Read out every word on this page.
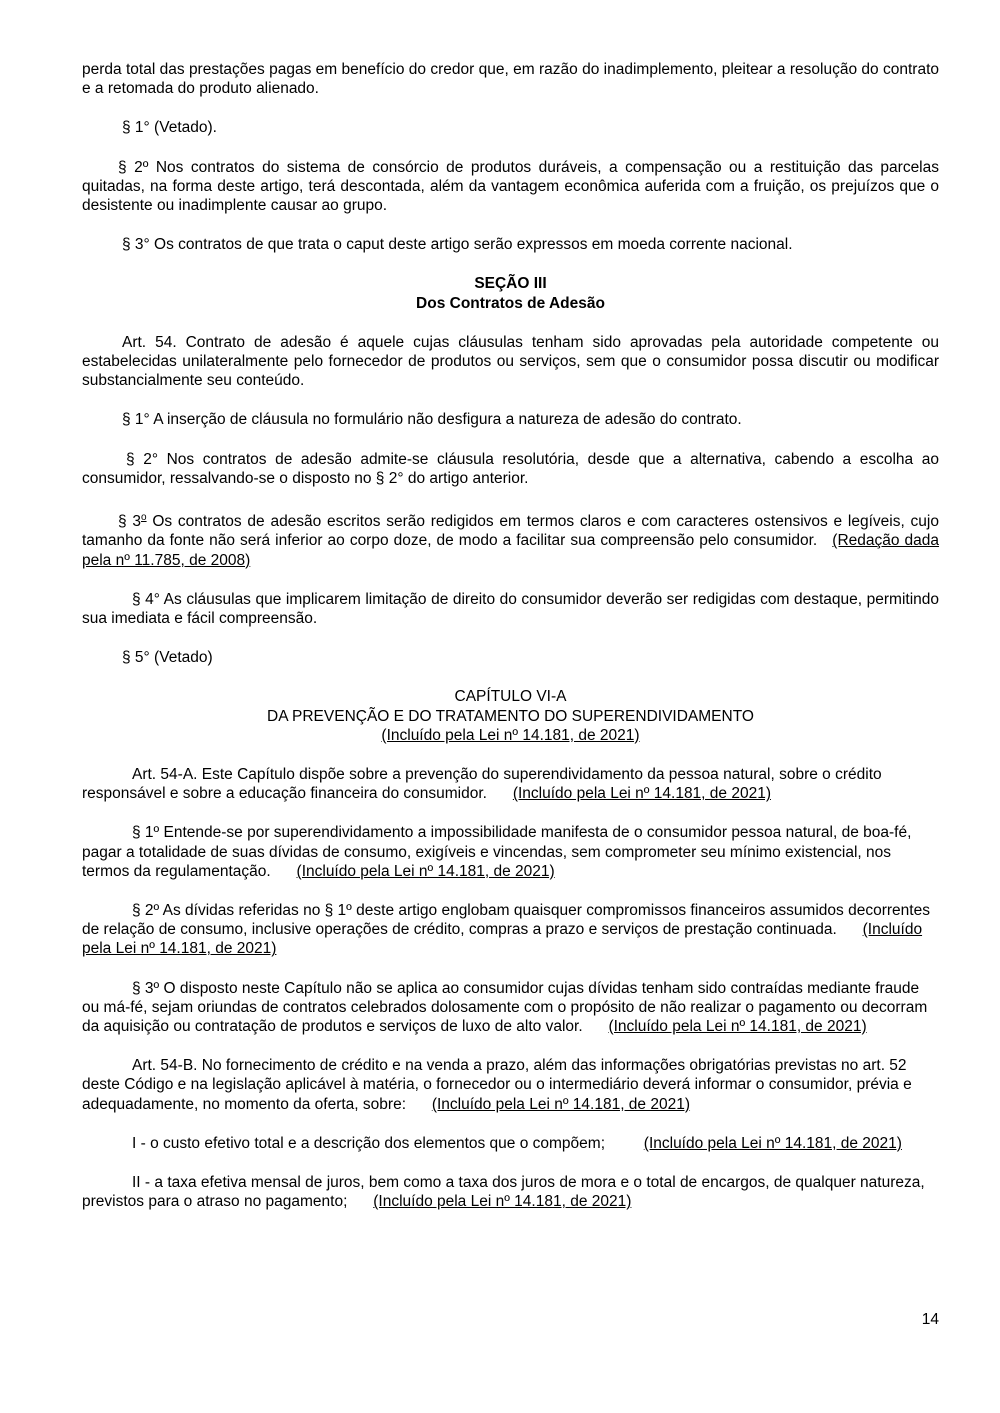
perda total das prestações pagas em benefício do credor que, em razão do inadimplemento, pleitear a resolução do contrato e a retomada do produto alienado.

§ 1° (Vetado).

§ 2º Nos contratos do sistema de consórcio de produtos duráveis, a compensação ou a restituição das parcelas quitadas, na forma deste artigo, terá descontada, além da vantagem econômica auferida com a fruição, os prejuízos que o desistente ou inadimplente causar ao grupo.

§ 3° Os contratos de que trata o caput deste artigo serão expressos em moeda corrente nacional.

SEÇÃO III
Dos Contratos de Adesão

Art. 54. Contrato de adesão é aquele cujas cláusulas tenham sido aprovadas pela autoridade competente ou estabelecidas unilateralmente pelo fornecedor de produtos ou serviços, sem que o consumidor possa discutir ou modificar substancialmente seu conteúdo.

§ 1° A inserção de cláusula no formulário não desfigura a natureza de adesão do contrato.

§ 2° Nos contratos de adesão admite-se cláusula resolutória, desde que a alternativa, cabendo a escolha ao consumidor, ressalvando-se o disposto no § 2° do artigo anterior.

§ 3$^o$ Os contratos de adesão escritos serão redigidos em termos claros e com caracteres ostensivos e legíveis, cujo tamanho da fonte não será inferior ao corpo doze, de modo a facilitar sua compreensão pelo consumidor. (Redação dada pela nº 11.785, de 2008)

§ 4° As cláusulas que implicarem limitação de direito do consumidor deverão ser redigidas com destaque, permitindo sua imediata e fácil compreensão.

§ 5° (Vetado)

CAPÍTULO VI-A
DA PREVENÇÃO E DO TRATAMENTO DO SUPERENDIVIDAMENTO
(Incluído pela Lei nº 14.181, de 2021)

Art. 54-A. Este Capítulo dispõe sobre a prevenção do superendividamento da pessoa natural, sobre o crédito responsável e sobre a educação financeira do consumidor. (Incluído pela Lei nº 14.181, de 2021)

§ 1º Entende-se por superendividamento a impossibilidade manifesta de o consumidor pessoa natural, de boa-fé, pagar a totalidade de suas dívidas de consumo, exigíveis e vincendas, sem comprometer seu mínimo existencial, nos termos da regulamentação. (Incluído pela Lei nº 14.181, de 2021)

§ 2º As dívidas referidas no § 1º deste artigo englobam quaisquer compromissos financeiros assumidos decorrentes de relação de consumo, inclusive operações de crédito, compras a prazo e serviços de prestação continuada. (Incluído pela Lei nº 14.181, de 2021)

§ 3º O disposto neste Capítulo não se aplica ao consumidor cujas dívidas tenham sido contraídas mediante fraude ou má-fé, sejam oriundas de contratos celebrados dolosamente com o propósito de não realizar o pagamento ou decorram da aquisição ou contratação de produtos e serviços de luxo de alto valor. (Incluído pela Lei nº 14.181, de 2021)

Art. 54-B. No fornecimento de crédito e na venda a prazo, além das informações obrigatórias previstas no art. 52 deste Código e na legislação aplicável à matéria, o fornecedor ou o intermediário deverá informar o consumidor, prévia e adequadamente, no momento da oferta, sobre: (Incluído pela Lei nº 14.181, de 2021)

I - o custo efetivo total e a descrição dos elementos que o compõem;	(Incluído pela Lei nº 14.181, de 2021)

II - a taxa efetiva mensal de juros, bem como a taxa dos juros de mora e o total de encargos, de qualquer natureza, previstos para o atraso no pagamento; (Incluído pela Lei nº 14.181, de 2021)

14
